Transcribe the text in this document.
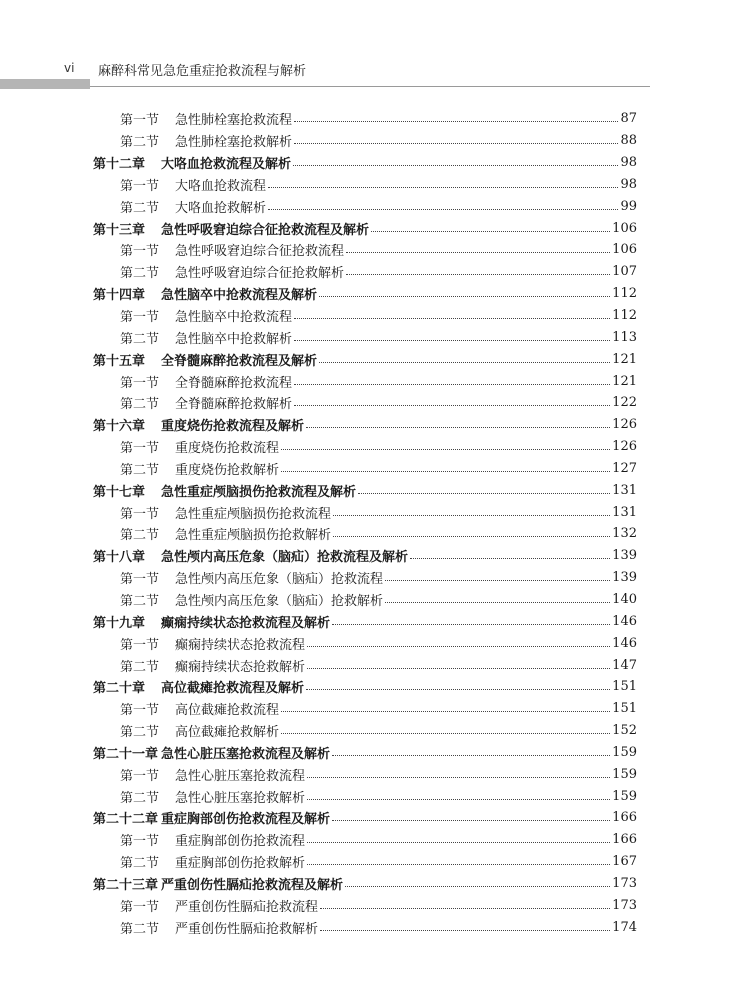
vi 麻醉科常见急危重症抢救流程与解析
第一节	急性肺栓塞抢救流程	87
第二节	急性肺栓塞抢救解析	88
第十二章	大咯血抢救流程及解析	98
第一节	大咯血抢救流程	98
第二节	大咯血抢救解析	99
第十三章	急性呼吸窘迫综合征抢救流程及解析	106
第一节	急性呼吸窘迫综合征抢救流程	106
第二节	急性呼吸窘迫综合征抢救解析	107
第十四章	急性脑卒中抢救流程及解析	112
第一节	急性脑卒中抢救流程	112
第二节	急性脑卒中抢救解析	113
第十五章	全脊髓麻醉抢救流程及解析	121
第一节	全脊髓麻醉抢救流程	121
第二节	全脊髓麻醉抢救解析	122
第十六章	重度烧伤抢救流程及解析	126
第一节	重度烧伤抢救流程	126
第二节	重度烧伤抢救解析	127
第十七章	急性重症颅脑损伤抢救流程及解析	131
第一节	急性重症颅脑损伤抢救流程	131
第二节	急性重症颅脑损伤抢救解析	132
第十八章	急性颅内高压危象（脑疝）抢救流程及解析	139
第一节	急性颅内高压危象（脑疝）抢救流程	139
第二节	急性颅内高压危象（脑疝）抢救解析	140
第十九章	癫痫持续状态抢救流程及解析	146
第一节	癫痫持续状态抢救流程	146
第二节	癫痫持续状态抢救解析	147
第二十章	高位截瘫抢救流程及解析	151
第一节	高位截瘫抢救流程	151
第二节	高位截瘫抢救解析	152
第二十一章 急性心脏压塞抢救流程及解析	159
第一节	急性心脏压塞抢救流程	159
第二节	急性心脏压塞抢救解析	159
第二十二章 重症胸部创伤抢救流程及解析	166
第一节	重症胸部创伤抢救流程	166
第二节	重症胸部创伤抢救解析	167
第二十三章 严重创伤性膈疝抢救流程及解析	173
第一节	严重创伤性膈疝抢救流程	173
第二节	严重创伤性膈疝抢救解析	174
